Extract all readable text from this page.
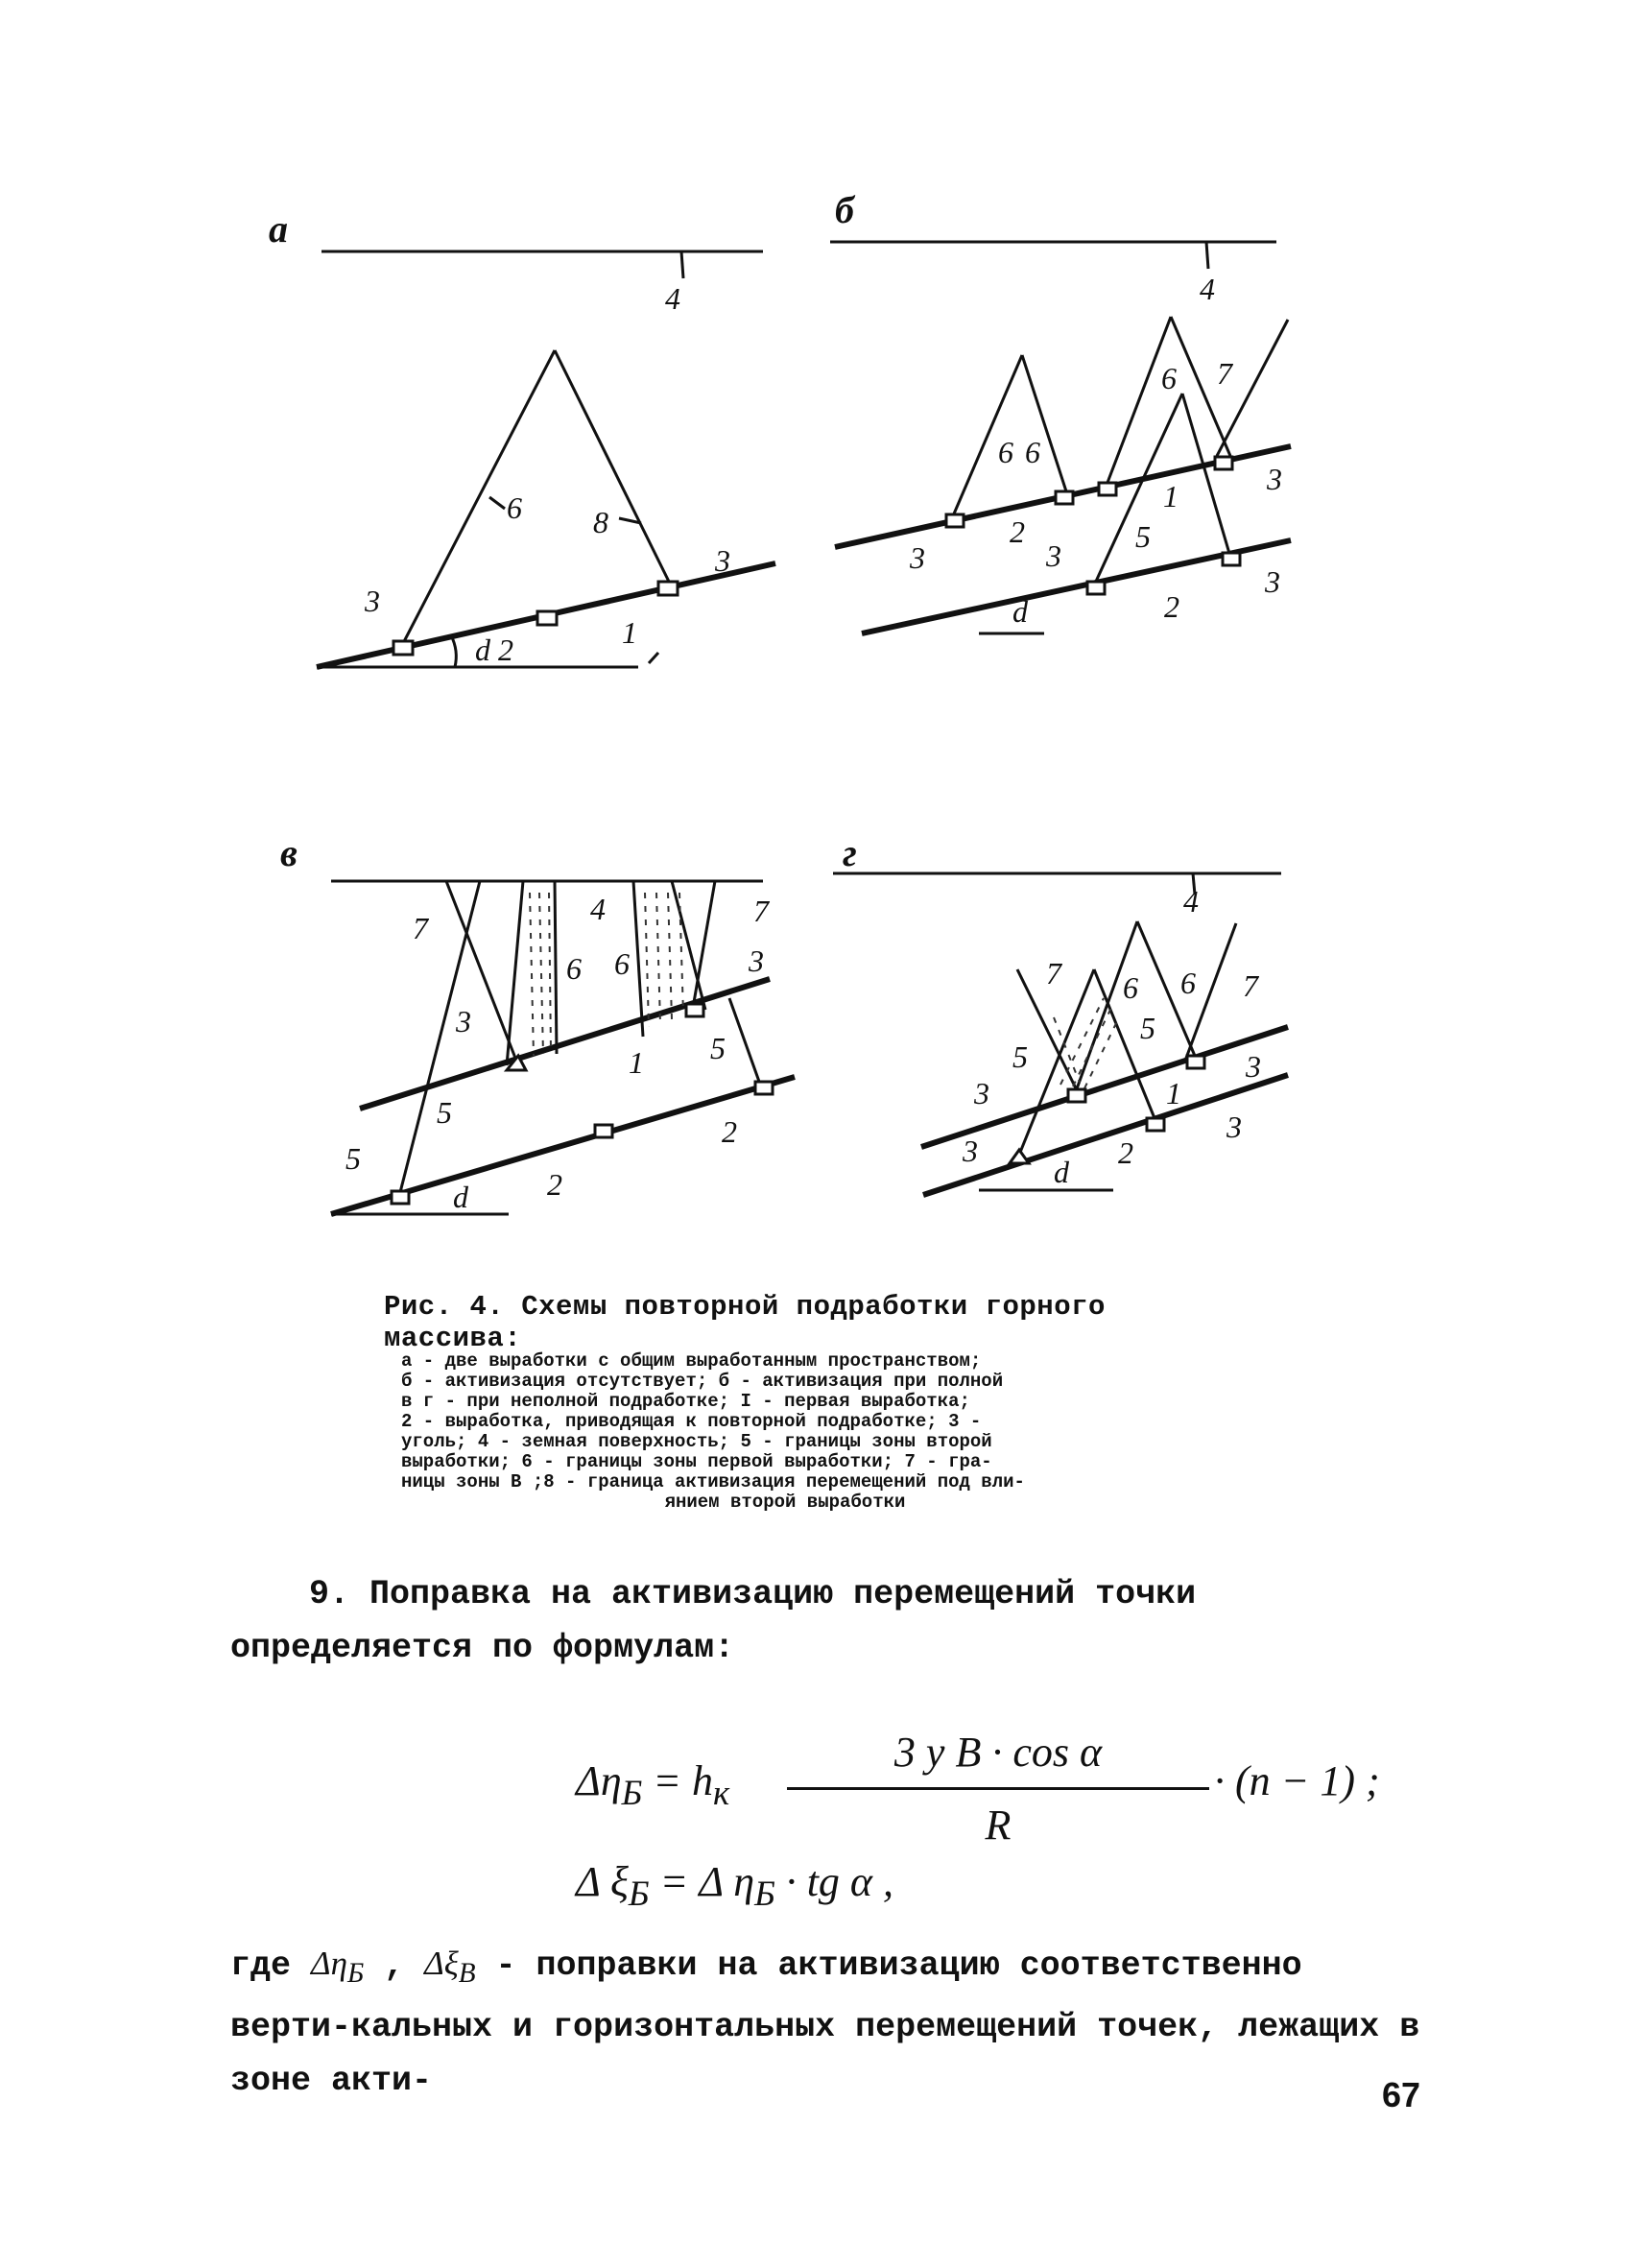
а
4
6 8
3
3
d 2	1
б
4
6 7
6 6
3
3
2
3
5
1
3
d	2
в
7
4
6 6
7
3
3
1 5
5
5
2
d	2
г
4
7 6 6 7
5
5
3
3
1
3
3	2
d
Рис. 4. Схемы повторной подработки горного массива:
а - две выработки с общим выработанным пространством;
б - активизация отсутствует; б - активизация при полной
в г - при неполной подработке; I - первая выработка;
2 - выработка, приводящая к повторной подработке; 3 -
уголь; 4 - земная поверхность; 5 - границы зоны второй
выработки; 6 - границы зоны первой выработки; 7 - гра-
ницы зоны В ;8 - граница активизация перемещений под вли-
янием второй выработки
9. Поправка на активизацию перемещений точки определяется по формулам:
$\Delta\eta_Б = h_к$
3 у В · cos α
R
· (n − 1) ;
Δ $\xi_Б = \Delta$ $\eta_Б$ · tg α ,
где $\Delta\eta_Б$ , $\Delta\xi_В$ - поправки на активизацию соответственно верти-кальных и горизонтальных перемещений точек, лежащих в зоне акти-	67
